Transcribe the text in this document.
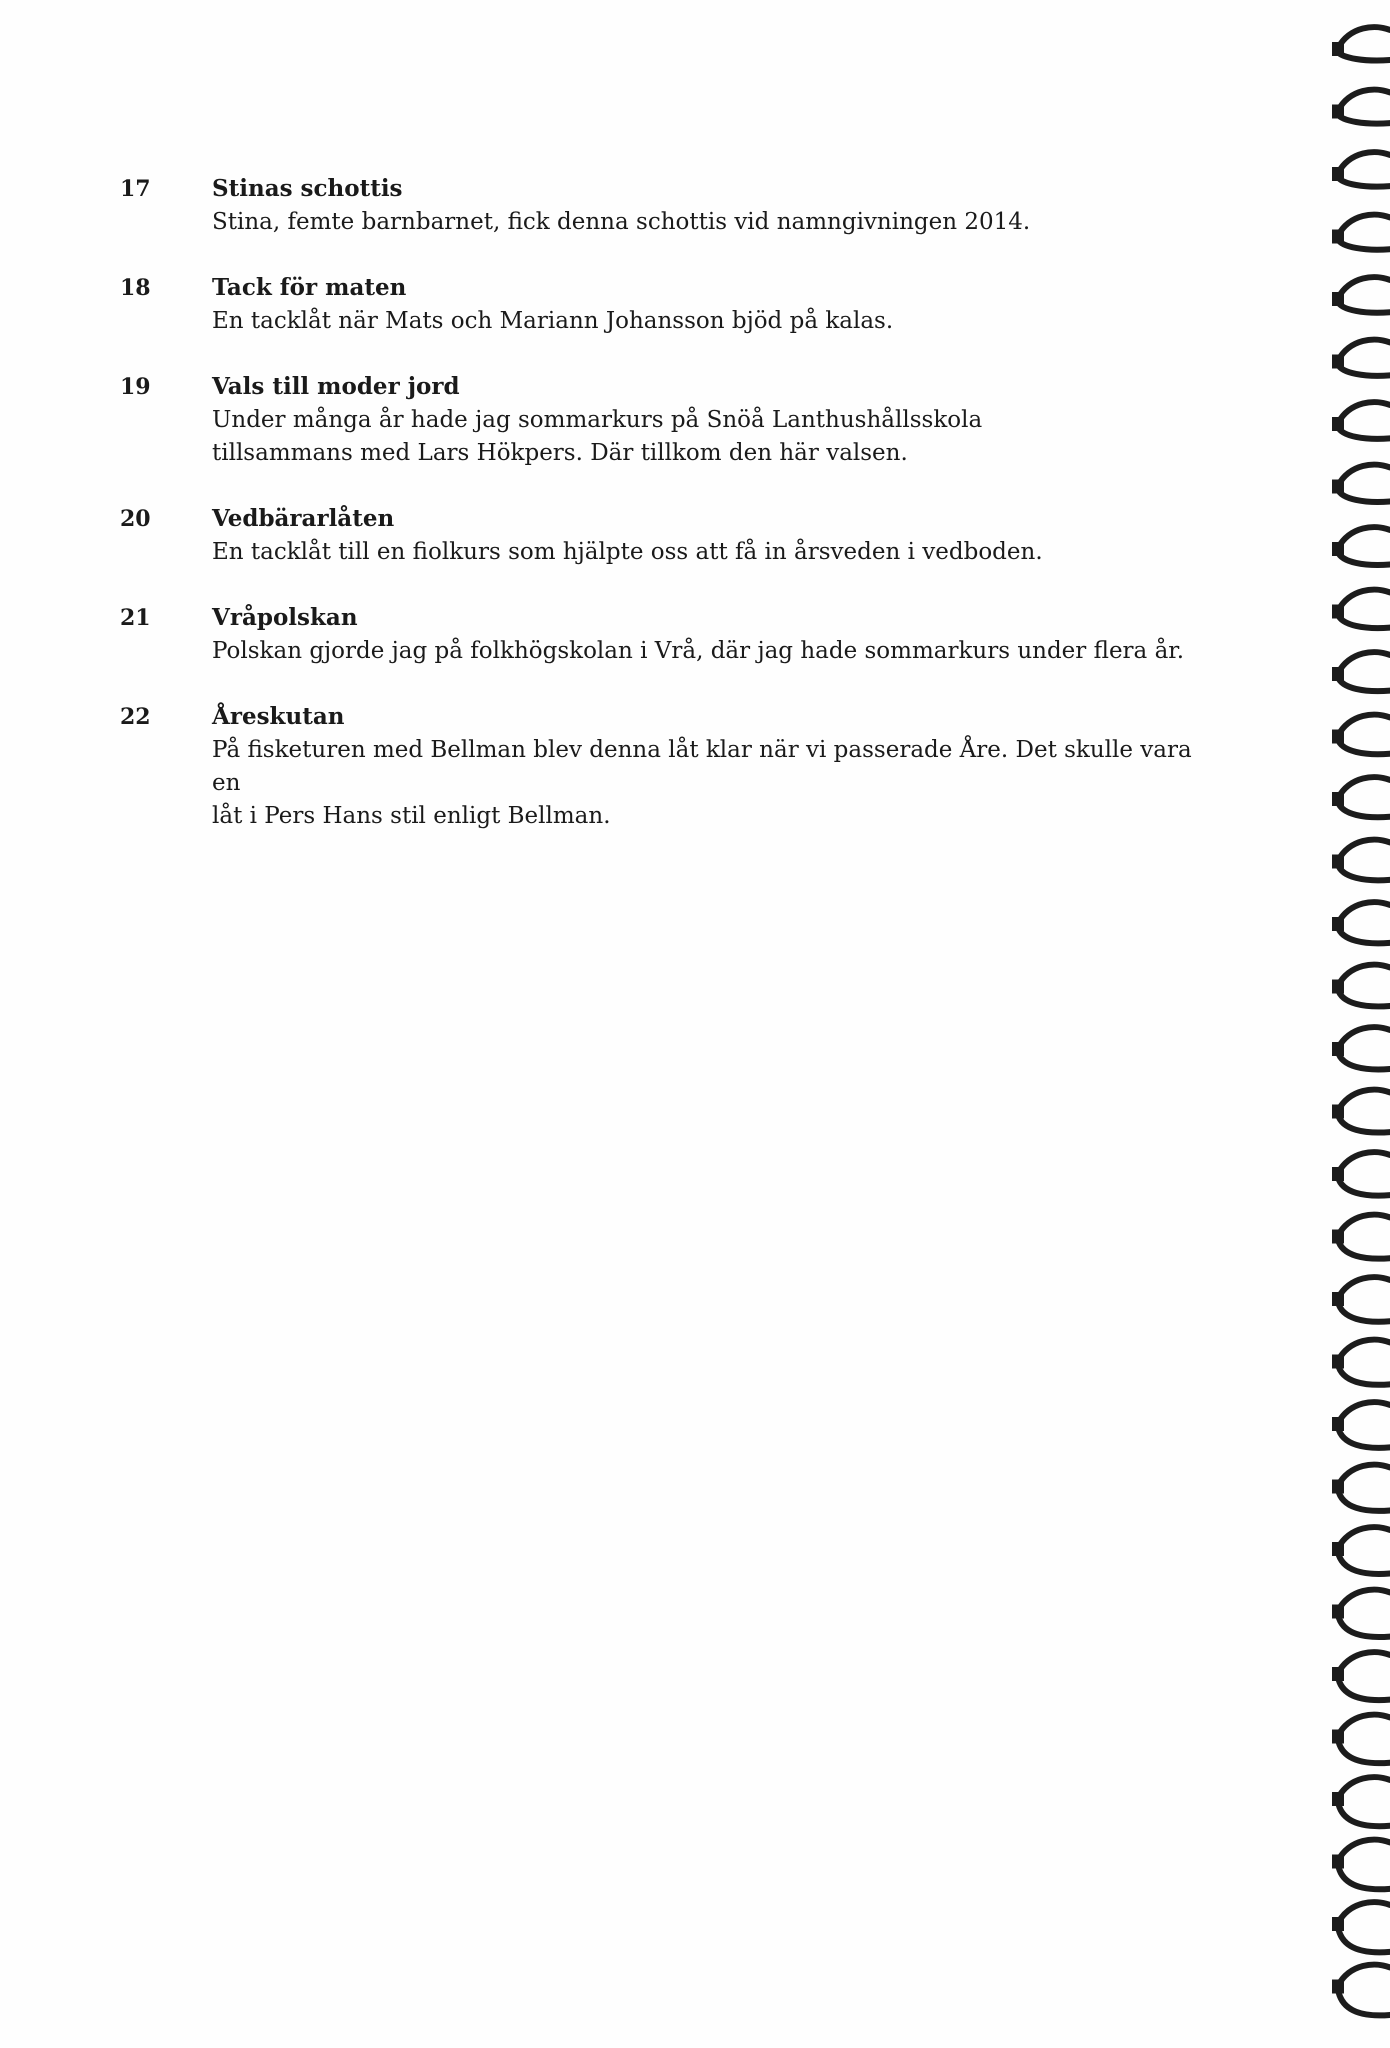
17	Stinas schottis
Stina, femte barnbarnet, fick denna schottis vid namngivningen 2014.
18	Tack för maten
En tacklåt när Mats och Mariann Johansson bjöd på kalas.
19	Vals till moder jord
Under många år hade jag sommarkurs på Snöå Lanthushållsskola
tillsammans med Lars Hökpers. Där tillkom den här valsen.
20	Vedbärarlåten
En tacklåt till en fiolkurs som hjälpte oss att få in årsveden i vedboden.
21	Vråpolskan
Polskan gjorde jag på folkhögskolan i Vrå, där jag hade sommarkurs under flera år.
22	Åreskutan
På fisketuren med Bellman blev denna låt klar när vi passerade Åre. Det skulle vara en
låt i Pers Hans stil enligt Bellman.
